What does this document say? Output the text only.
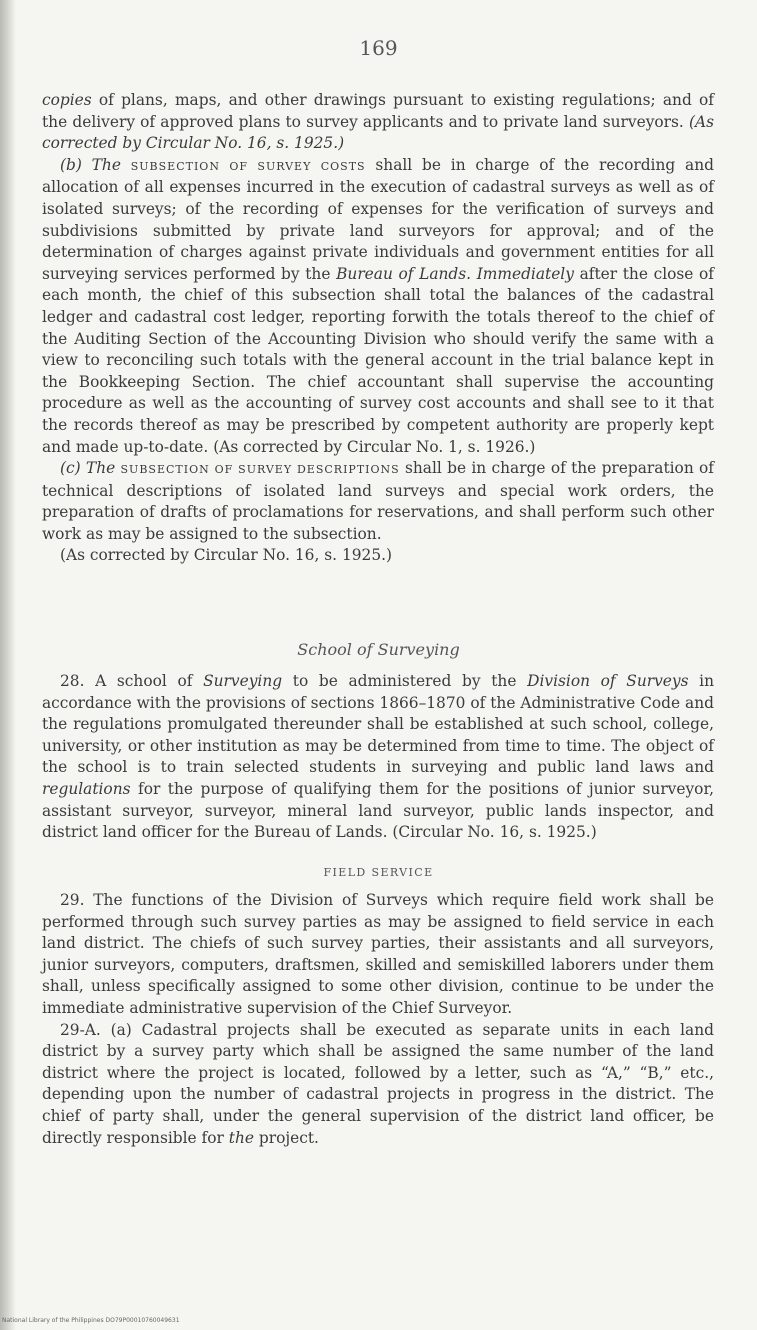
169

copies of plans, maps, and other drawings pursuant to existing regulations; and of the delivery of approved plans to survey applicants and to private land surveyors. (As corrected by Circular No. 16, s. 1925.)

(b) The SUBSECTION OF SURVEY COSTS shall be in charge of the recording and allocation of all expenses incurred in the execution of cadastral surveys as well as of isolated surveys; of the recording of expenses for the verification of surveys and subdivisions submitted by private land surveyors for approval; and of the determination of charges against private individuals and government entities for all surveying services performed by the Bureau of Lands. Immediately after the close of each month, the chief of this subsection shall total the balances of the cadastral ledger and cadastral cost ledger, reporting forwith the totals thereof to the chief of the Auditing Section of the Accounting Division who should verify the same with a view to reconciling such totals with the general account in the trial balance kept in the Bookkeeping Section. The chief accountant shall supervise the accounting procedure as well as the accounting of survey cost accounts and shall see to it that the records thereof as may be prescribed by competent authority are properly kept and made up-to-date. (As corrected by Circular No. 1, s. 1926.)

(c) The SUBSECTION OF SURVEY DESCRIPTIONS shall be in charge of the preparation of technical descriptions of isolated land surveys and special work orders, the preparation of drafts of proclamations for reservations, and shall perform such other work as may be assigned to the subsection.

(As corrected by Circular No. 16, s. 1925.)

School of Surveying

28. A school of Surveying to be administered by the Division of Surveys in accordance with the provisions of sections 1866–1870 of the Administrative Code and the regulations promulgated thereunder shall be established at such school, college, university, or other institution as may be determined from time to time. The object of the school is to train selected students in surveying and public land laws and regulations for the purpose of qualifying them for the positions of junior surveyor, assistant surveyor, surveyor, mineral land surveyor, public lands inspector, and district land officer for the Bureau of Lands. (Circular No. 16, s. 1925.)

FIELD SERVICE

29. The functions of the Division of Surveys which require field work shall be performed through such survey parties as may be assigned to field service in each land district. The chiefs of such survey parties, their assistants and all surveyors, junior surveyors, computers, draftsmen, skilled and semiskilled laborers under them shall, unless specifically assigned to some other division, continue to be under the immediate administrative supervision of the Chief Surveyor.

29-A. (a) Cadastral projects shall be executed as separate units in each land district by a survey party which shall be assigned the same number of the land district where the project is located, followed by a letter, such as “A,” “B,” etc., depending upon the number of cadastral projects in progress in the district. The chief of party shall, under the general supervision of the district land officer, be directly responsible for the project.

National Library of the Philippines DO79P00010760049631
